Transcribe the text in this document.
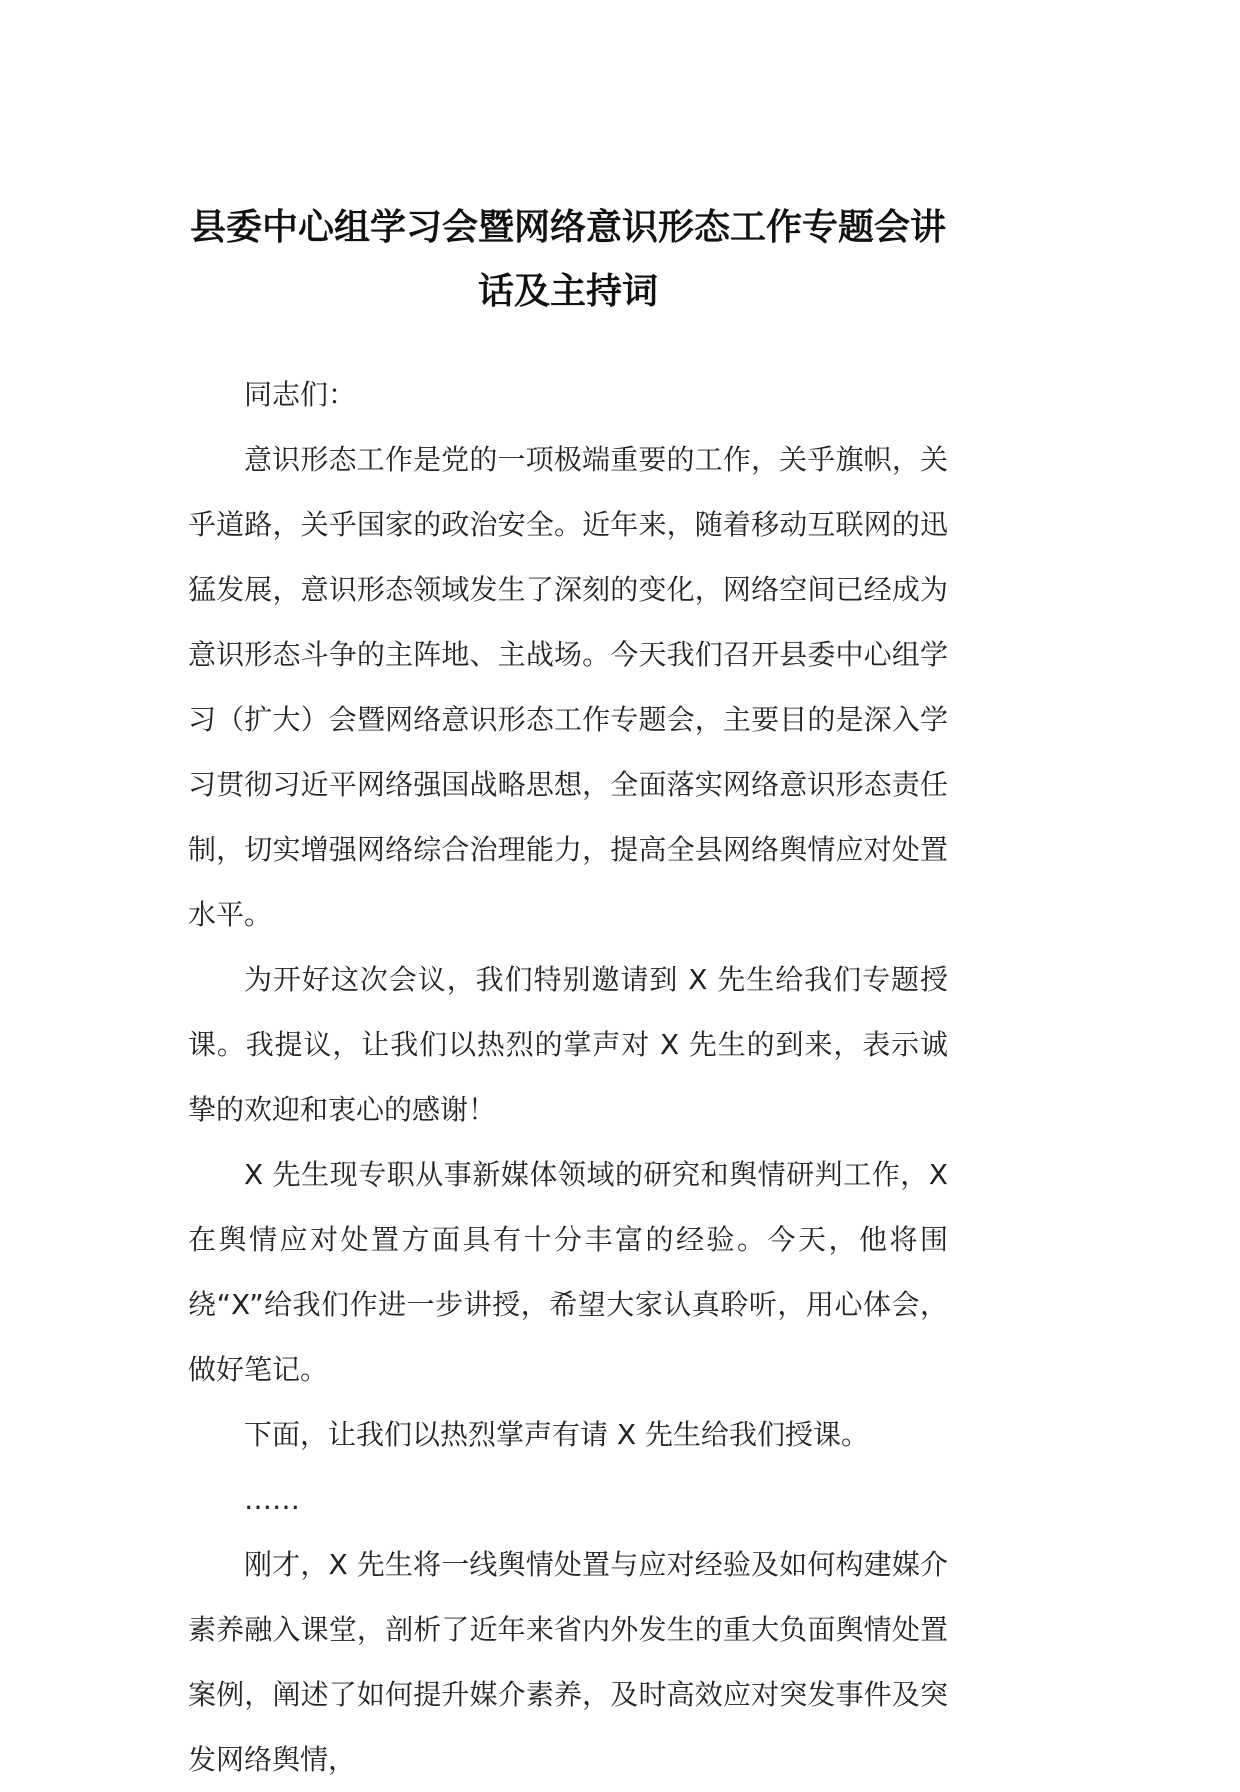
县委中心组学习会暨网络意识形态工作专题会讲话及主持词

同志们：

意识形态工作是党的一项极端重要的工作，关乎旗帜，关乎道路，关乎国家的政治安全。近年来，随着移动互联网的迅猛发展，意识形态领域发生了深刻的变化，网络空间已经成为意识形态斗争的主阵地、主战场。今天我们召开县委中心组学习（扩大）会暨网络意识形态工作专题会，主要目的是深入学习贯彻习近平网络强国战略思想，全面落实网络意识形态责任制，切实增强网络综合治理能力，提高全县网络舆情应对处置水平。

为开好这次会议，我们特别邀请到 X 先生给我们专题授课。我提议，让我们以热烈的掌声对 X 先生的到来，表示诚挚的欢迎和衷心的感谢！

X 先生现专职从事新媒体领域的研究和舆情研判工作，X 在舆情应对处置方面具有十分丰富的经验。今天，他将围绕“X”给我们作进一步讲授，希望大家认真聆听，用心体会，做好笔记。

下面，让我们以热烈掌声有请 X 先生给我们授课。

……

刚才，X 先生将一线舆情处置与应对经验及如何构建媒介素养融入课堂，剖析了近年来省内外发生的重大负面舆情处置案例，阐述了如何提升媒介素养，及时高效应对突发事件及突发网络舆情，
